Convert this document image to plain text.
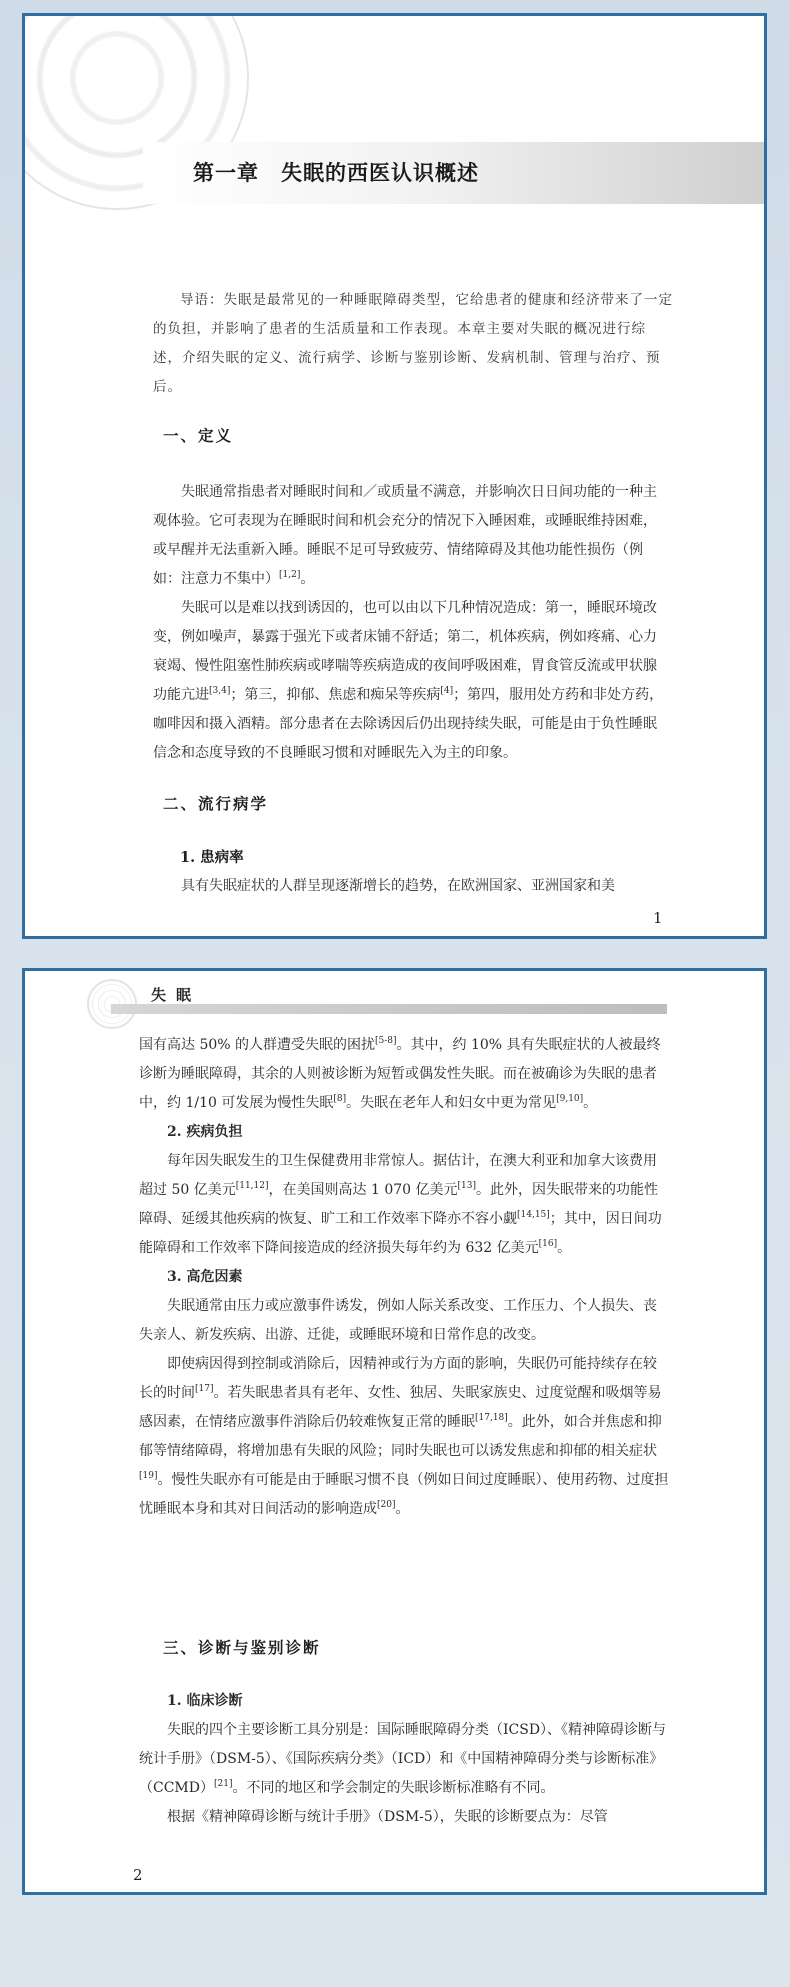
第一章　失眠的西医认识概述
导语：失眠是最常见的一种睡眠障碍类型，它给患者的健康和经济带来了一定的负担，并影响了患者的生活质量和工作表现。本章主要对失眠的概况进行综述，介绍失眠的定义、流行病学、诊断与鉴别诊断、发病机制、管理与治疗、预后。
一、定义

失眠通常指患者对睡眠时间和／或质量不满意，并影响次日日间功能的一种主观体验。它可表现为在睡眠时间和机会充分的情况下入睡困难，或睡眠维持困难，或早醒并无法重新入睡。睡眠不足可导致疲劳、情绪障碍及其他功能性损伤（例如：注意力不集中）[1,2]。

失眠可以是难以找到诱因的，也可以由以下几种情况造成：第一，睡眠环境改变，例如噪声，暴露于强光下或者床铺不舒适；第二，机体疾病，例如疼痛、心力衰竭、慢性阻塞性肺疾病或哮喘等疾病造成的夜间呼吸困难，胃食管反流或甲状腺功能亢进[3,4]；第三，抑郁、焦虑和痴呆等疾病[4]；第四，服用处方药和非处方药，咖啡因和摄入酒精。部分患者在去除诱因后仍出现持续失眠，可能是由于负性睡眠信念和态度导致的不良睡眠习惯和对睡眠先入为主的印象。

二、流行病学
1. 患病率

具有失眠症状的人群呈现逐渐增长的趋势，在欧洲国家、亚洲国家和美

1
失眠

国有高达 50% 的人群遭受失眠的困扰[5-8]。其中，约 10% 具有失眠症状的人被最终诊断为睡眠障碍，其余的人则被诊断为短暂或偶发性失眠。而在被确诊为失眠的患者中，约 1/10 可发展为慢性失眠[8]。失眠在老年人和妇女中更为常见[9,10]。

2. 疾病负担

每年因失眠发生的卫生保健费用非常惊人。据估计，在澳大利亚和加拿大该费用超过 50 亿美元[11,12]，在美国则高达 1 070 亿美元[13]。此外，因失眠带来的功能性障碍、延缓其他疾病的恢复、旷工和工作效率下降亦不容小觑[14,15]；其中，因日间功能障碍和工作效率下降间接造成的经济损失每年约为 632 亿美元[16]。

3. 高危因素

失眠通常由压力或应激事件诱发，例如人际关系改变、工作压力、个人损失、丧失亲人、新发疾病、出游、迁徙，或睡眠环境和日常作息的改变。

即使病因得到控制或消除后，因精神或行为方面的影响，失眠仍可能持续存在较长的时间[17]。若失眠患者具有老年、女性、独居、失眠家族史、过度觉醒和吸烟等易感因素，在情绪应激事件消除后仍较难恢复正常的睡眠[17,18]。此外，如合并焦虑和抑郁等情绪障碍，将增加患有失眠的风险；同时失眠也可以诱发焦虑和抑郁的相关症状[19]。慢性失眠亦有可能是由于睡眠习惯不良（例如日间过度睡眠）、使用药物、过度担忧睡眠本身和其对日间活动的影响造成[20]。

三、诊断与鉴别诊断

1. 临床诊断

失眠的四个主要诊断工具分别是：国际睡眠障碍分类（ICSD）、《精神障碍诊断与统计手册》（DSM-5）、《国际疾病分类》（ICD）和《中国精神障碍分类与诊断标准》（CCMD）[21]。不同的地区和学会制定的失眠诊断标准略有不同。

根据《精神障碍诊断与统计手册》（DSM-5），失眠的诊断要点为：尽管

2
